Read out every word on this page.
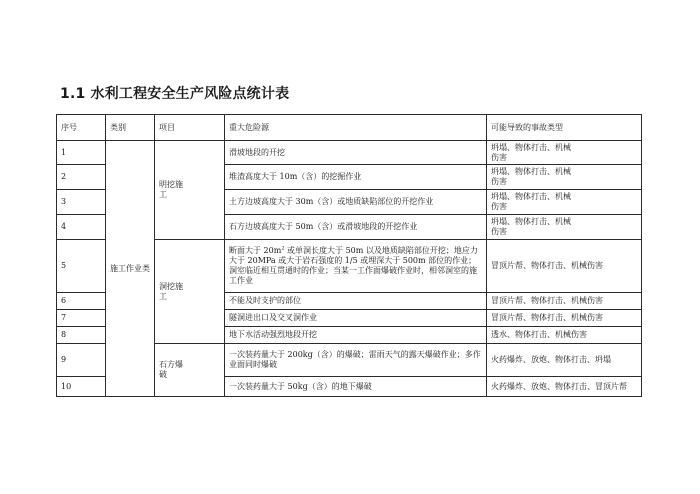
1.1 水利工程安全生产风险点统计表
序号	类别	项目	重大危险源	可能导致的事故类型
1	施工作业类	明挖施工	滑坡地段的开挖	坍塌、物体打击、机械伤害

2			堆渣高度大于 10m（含）的挖掘作业	坍塌、物体打击、机械伤害

3			土方边坡高度大于 30m（含）或地质缺陷部位的开挖作业	坍塌、物体打击、机械伤害

4			石方边坡高度大于 50m（含）或滑坡地段的开挖作业	坍塌、物体打击、机械伤害

5		洞挖施工	断面大于 $20m^2$ 或单洞长度大于 50m 以及地质缺陷部位开挖；地应力大于 20MPa 或大于岩石强度的 1/5 或埋深大于 500m 部位的作业；洞室临近相互贯通时的作业；当某一工作面爆破作业时，相邻洞室的施工作业	冒顶片帮、物体打击、机械伤害
6			不能及时支护的部位	冒顶片帮、物体打击、机械伤害
7			隧洞进出口及交叉洞作业	冒顶片帮、物体打击、机械伤害
8			地下水活动强烈地段开挖	透水、物体打击、机械伤害
9		石方爆破	一次装药量大于 200kg（含）的爆破；雷雨天气的露天爆破作业；多作业面同时爆破	火药爆炸、放炮、物体打击、坍塌
10			一次装药量大于 50kg（含）的地下爆破	火药爆炸、放炮、物体打击、冒顶片帮
